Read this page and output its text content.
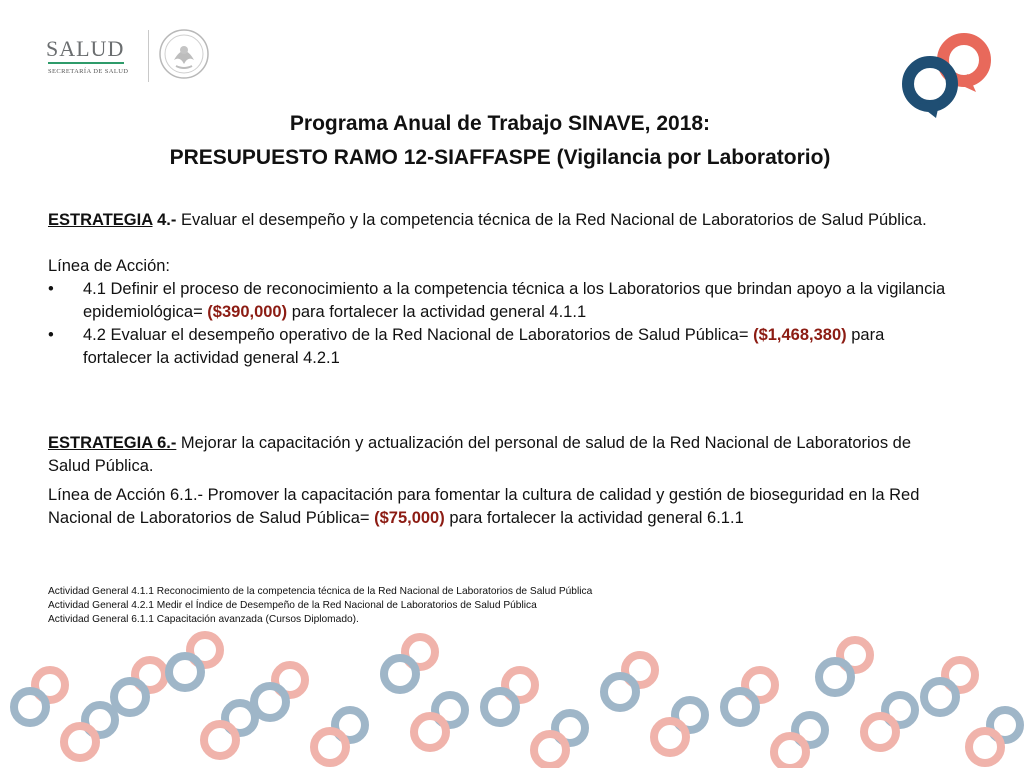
SALUD
SECRETARÍA DE SALUD
Programa Anual de Trabajo SINAVE, 2018:
PRESUPUESTO RAMO 12-SIAFFASPE (Vigilancia por Laboratorio)
ESTRATEGIA 4.- Evaluar el desempeño y la competencia técnica de la Red Nacional de Laboratorios de Salud Pública.
Línea de Acción:
• 4.1 Definir el proceso de reconocimiento a la competencia técnica a los Laboratorios que brindan apoyo a la vigilancia epidemiológica= ($390,000) para fortalecer la actividad general 4.1.1
• 4.2 Evaluar el desempeño operativo de la Red Nacional de Laboratorios de Salud Pública= ($1,468,380) para fortalecer la actividad general 4.2.1
ESTRATEGIA 6.- Mejorar la capacitación y actualización del personal de salud de la Red Nacional de Laboratorios de Salud Pública.
Línea de Acción 6.1.- Promover la capacitación para fomentar la cultura de calidad y gestión de bioseguridad en la Red Nacional de Laboratorios de Salud Pública= ($75,000) para fortalecer la actividad general 6.1.1
Actividad General 4.1.1 Reconocimiento de la competencia técnica de la Red Nacional de Laboratorios de Salud Pública
Actividad General 4.2.1 Medir el Índice de Desempeño de la Red Nacional de Laboratorios de Salud Pública
Actividad General 6.1.1 Capacitación avanzada (Cursos Diplomado).
